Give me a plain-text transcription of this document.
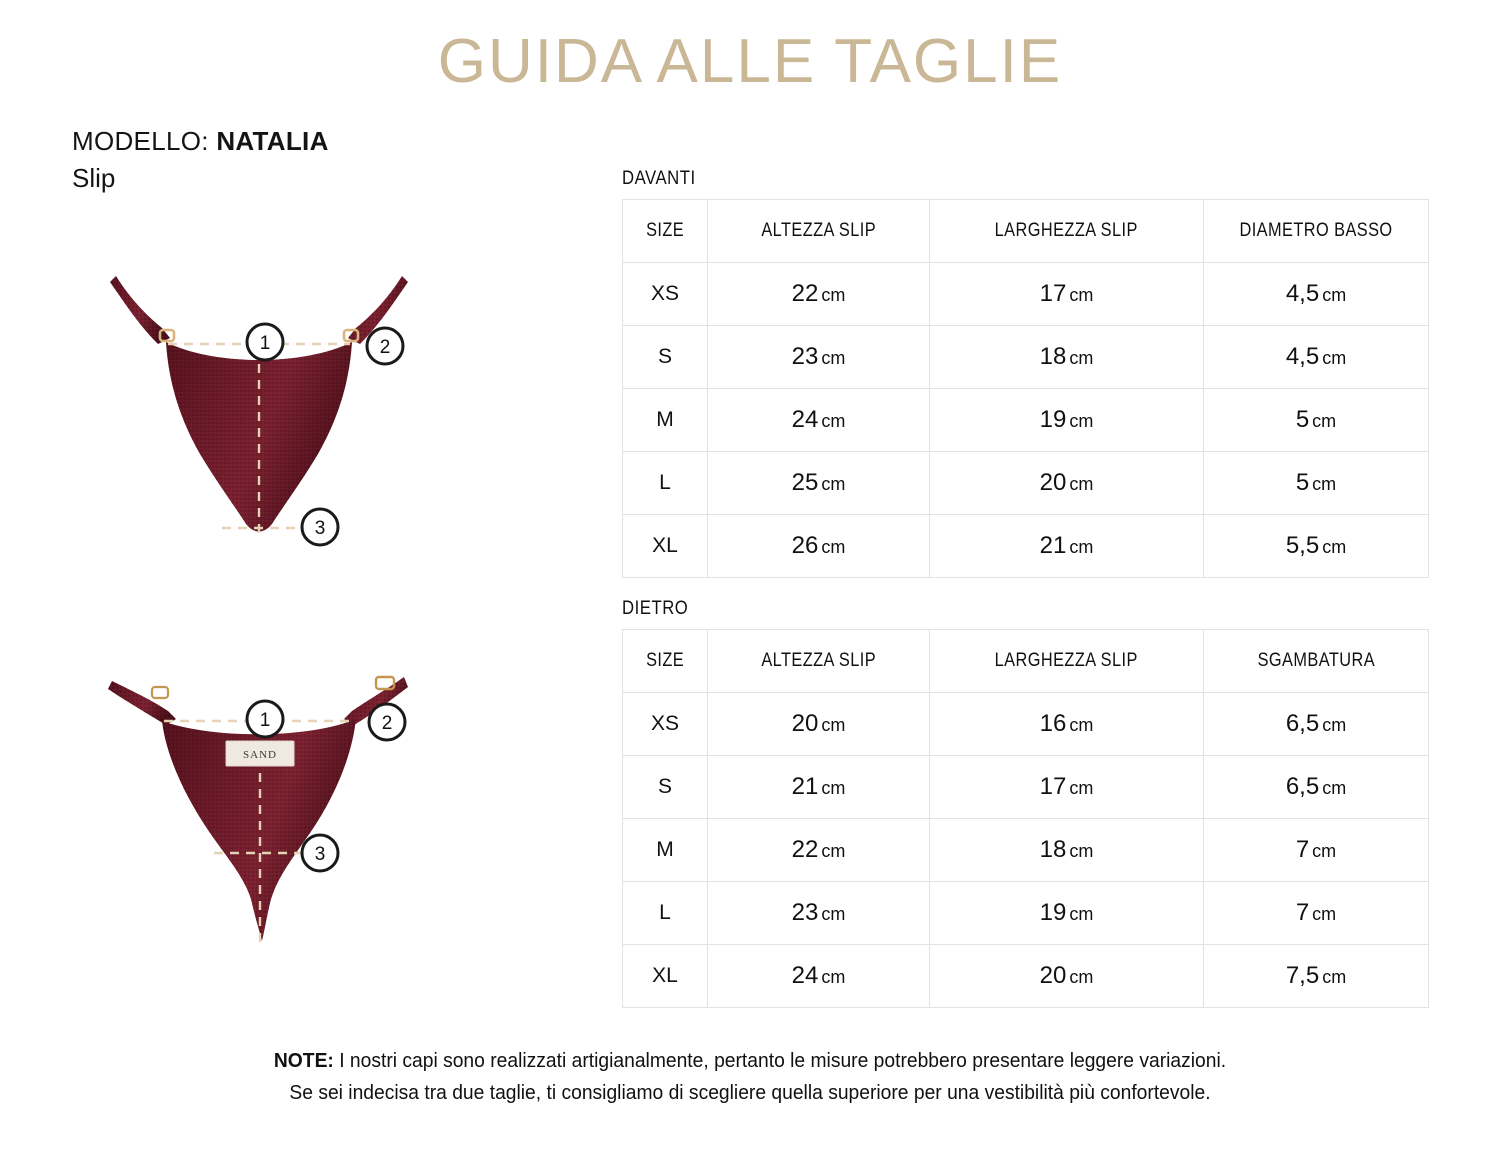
GUIDA ALLE TAGLIE
MODELLO: NATALIA
Slip
1	2
3
SAND
1	2
3
DAVANTI
SIZE	ALTEZZA SLIP	LARGHEZZA SLIP	DIAMETRO BASSO
XS	22 cm	17 cm	4,5 cm
S	23 cm	18 cm	4,5 cm
M	24 cm	19 cm	5 cm
L	25 cm	20 cm	5 cm
XL	26 cm	21 cm	5,5 cm
DIETRO
SIZE	ALTEZZA SLIP	LARGHEZZA SLIP	SGAMBATURA
XS	20 cm	16 cm	6,5 cm
S	21 cm	17 cm	6,5 cm
M	22 cm	18 cm	7 cm
L	23 cm	19 cm	7 cm
XL	24 cm	20 cm	7,5 cm
NOTE: I nostri capi sono realizzati artigianalmente, pertanto le misure potrebbero presentare leggere variazioni.
Se sei indecisa tra due taglie, ti consigliamo di scegliere quella superiore per una vestibilità più confortevole.
